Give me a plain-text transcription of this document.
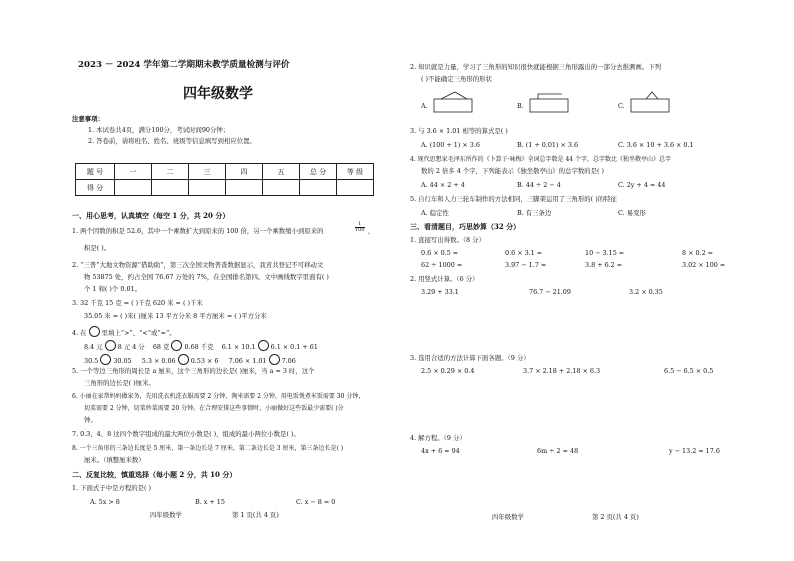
2023 － 2024 学年第二学期期末教学质量检测与评价
四年级数学
注意事项：
1. 本试卷共4页，满分100分，考试时间90分钟；
2. 答卷前，请将班名、姓名、班级等信息填写到相应位置。
题 号	一	二	三	四	五	总 分	等 级
得 分							
一、用心思考，认真填空（每空 1 分，共 20 分）
1. 两个因数的积是 52.6，其中一个乘数扩大到原来的 100 倍，另一个乘数缩小到原来的	$\frac{1}{100}$ ，
积是( )。
2. “三普”大地文物资源“借助助”，第三次全国文物普查数据显示，我省共登记不可移动文
物 53875 处，约占全国 76.67 万处的 7%，在全国排名第四。文中画线数字里面有( )
个 1 和( )个 0.01。
3. 32 千克 15 克 = ( )千克 620 米 = ( )千米
35.05 米 = ( )米( )厘米 13 平方分米 8 平方厘米 = ( )平方分米
4. 在 里填上“>”、“<”或“=”。
8.4 元 8 元 4 分 68 克 0.68 千克 6.1 × 10.1 6.1 × 0.1 + 61
30.5 30.05 5.3 × 0.06 0.53 × 6 7.06 × 1.01 7.06
5. 一个等边三角形的周长是 a 厘米，这个三角形的边长是( )厘米，当 a = 3 时，这个
三角形的边长是( )厘米。
6. 小丽在家帮妈妈做家务，先用洗衣机洗衣服需要 2 分钟，淘米需要 2 分钟，用电饭煲煮米饭需要 30 分钟，
切菜需要 2 分钟，切菜炒菜需要 20 分钟。在合理安排这些事情时，小丽做好这些饭最少需要( )分
钟。
7. 0.3、4、8 这四个数字组成的最大两位小数是( )，组成的最小两位小数是( )。
8. 一个三角形的三条边长度是 5 厘米，第一条边长是 7 厘米，第二条边长是 3 厘米，第三条边长是( )
厘米。（填整厘米数）
二、反复比较，慎重选择（每小题 2 分，共 10 分）
1. 下面式子中是方程的是( )
A. 5x > 8	B. x + 15	C. x − 8 = 0
四年级数学	第 1 页(共 4 页)
2. 知识就是力量，学习了三角形的知识很快就能根据三角形露出的一部分去推测画。下列
( )不能确定三角形的形状
A.	B.	C.
3. 与 3.6 × 1.01 相等的算式是( )
A. (100 + 1) × 3.6	B. (1 + 0.01) × 3.6	C. 3.6 × 10 + 3.6 × 0.1
4. 现代思想家毛泽东所作的《卜算子·咏梅》全词总字数是 44 个字，总字数比《独坐敬亭山》总字
数的 2 倍多 4 个字，下列能表示《独坐敬亭山》的总字数的是( )
A. 44 × 2 + 4	B. 44 ÷ 2 − 4	C. 2y + 4 = 44
5. 自行车和人力三轮车制作的方法相同，三脚架运用了三角形的( )的特征
A. 稳定性	B. 有三条边	C. 易变形
三、看清题目，巧思妙算（32 分）
1. 直接写出得数。（8 分）
0.6 × 0.5 =	0.6 × 3.1 =	10 − 3.15 =	8 × 0.2 =
62 ÷ 1000 =	3.97 − 1.7 =	3.8 + 6.2 =	3.02 × 100 =
2. 用竖式计算。（6 分）
3.29 + 33.1	76.7 − 21.09	3.2 × 0.35
3. 选用合适的方法计算下面各题。（9 分）
2.5 × 0.29 × 0.4	3.7 × 2.18 + 2.18 × 6.3	6.5 − 6.5 × 0.5
4. 解方程。（9 分）
4x + 6 = 94	6m ÷ 2 = 48	y − 13.2 = 17.6
四年级数学	第 2 页(共 4 页)
